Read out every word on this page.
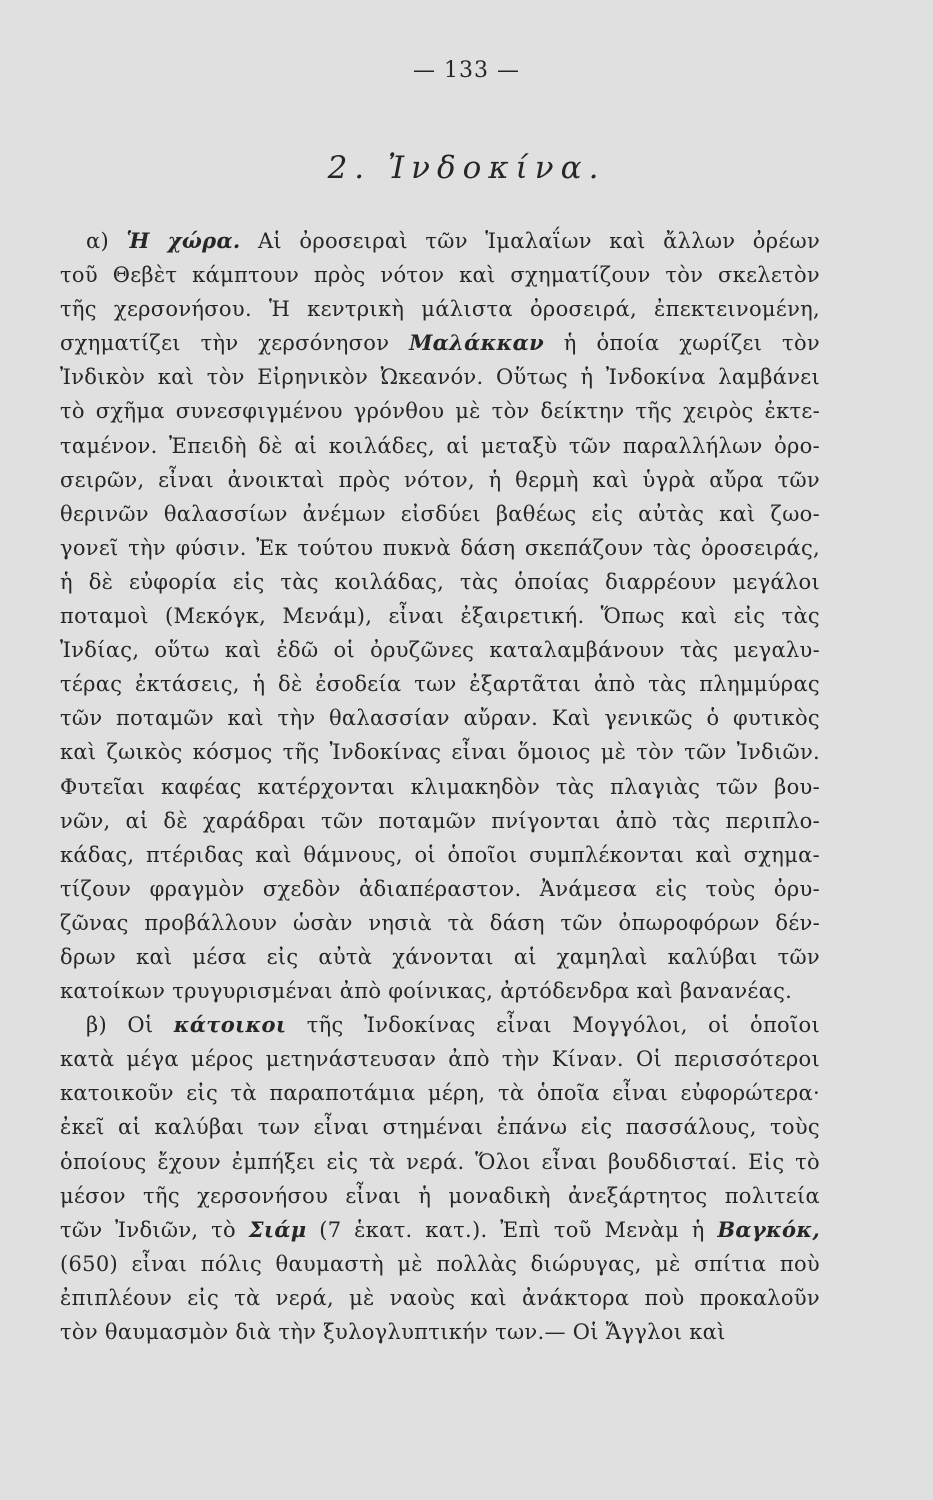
— 133 —
2. Ἰνδοκίνα.
α) Ἡ χώρα. Αἱ ὀροσειραὶ τῶν Ἱμαλαΐων καὶ ἄλλων ὀρέων
τοῦ Θεβὲτ κάμπτουν πρὸς νότον καὶ σχηματίζουν τὸν σκελετὸν
τῆς χερσονήσου. Ἡ κεντρικὴ μάλιστα ὀροσειρά, ἐπεκτεινομένη,
σχηματίζει τὴν χερσόνησον Μαλάκκαν ἡ ὁποία χωρίζει τὸν
Ἰνδικὸν καὶ τὸν Εἰρηνικὸν Ὠκεανόν. Οὕτως ἡ Ἰνδοκίνα λαμβάνει
τὸ σχῆμα συνεσφιγμένου γρόνθου μὲ τὸν δείκτην τῆς χειρὸς ἐκτε-
ταμένον. Ἐπειδὴ δὲ αἱ κοιλάδες, αἱ μεταξὺ τῶν παραλλήλων ὀρο-
σειρῶν, εἶναι ἀνοικταὶ πρὸς νότον, ἡ θερμὴ καὶ ὑγρὰ αὔρα τῶν
θερινῶν θαλασσίων ἀνέμων εἰσδύει βαθέως εἰς αὐτὰς καὶ ζωο-
γονεῖ τὴν φύσιν. Ἐκ τούτου πυκνὰ δάση σκεπάζουν τὰς ὀροσειράς,
ἡ δὲ εὐφορία εἰς τὰς κοιλάδας, τὰς ὁποίας διαρρέουν μεγάλοι
ποταμοὶ (Μεκόγκ, Μενάμ), εἶναι ἐξαιρετική. Ὅπως καὶ εἰς τὰς
Ἰνδίας, οὕτω καὶ ἐδῶ οἱ ὀρυζῶνες καταλαμβάνουν τὰς μεγαλυ-
τέρας ἐκτάσεις, ἡ δὲ ἐσοδεία των ἐξαρτᾶται ἀπὸ τὰς πλημμύρας
τῶν ποταμῶν καὶ τὴν θαλασσίαν αὔραν. Καὶ γενικῶς ὁ φυτικὸς
καὶ ζωικὸς κόσμος τῆς Ἰνδοκίνας εἶναι ὅμοιος μὲ τὸν τῶν Ἰνδιῶν.
Φυτεῖαι καφέας κατέρχονται κλιμακηδὸν τὰς πλαγιὰς τῶν βου-
νῶν, αἱ δὲ χαράδραι τῶν ποταμῶν πνίγονται ἀπὸ τὰς περιπλο-
κάδας, πτέριδας καὶ θάμνους, οἱ ὁποῖοι συμπλέκονται καὶ σχημα-
τίζουν φραγμὸν σχεδὸν ἀδιαπέραστον. Ἀνάμεσα εἰς τοὺς ὀρυ-
ζῶνας προβάλλουν ὡσὰν νησιὰ τὰ δάση τῶν ὀπωροφόρων δέν-
δρων καὶ μέσα εἰς αὐτὰ χάνονται αἱ χαμηλαὶ καλύβαι τῶν
κατοίκων τρυγυρισμέναι ἀπὸ φοίνικας, ἀρτόδενδρα καὶ βανανέας.
β) Οἱ κάτοικοι τῆς Ἰνδοκίνας εἶναι Μογγόλοι, οἱ ὁποῖοι
κατὰ μέγα μέρος μετηνάστευσαν ἀπὸ τὴν Κίναν. Οἱ περισσότεροι
κατοικοῦν εἰς τὰ παραποτάμια μέρη, τὰ ὁποῖα εἶναι εὐφορώτερα·
ἐκεῖ αἱ καλύβαι των εἶναι στημέναι ἐπάνω εἰς πασσάλους, τοὺς
ὁποίους ἔχουν ἐμπήξει εἰς τὰ νερά. Ὅλοι εἶναι βουδδισταί. Εἰς τὸ
μέσον τῆς χερσονήσου εἶναι ἡ μοναδικὴ ἀνεξάρτητος πολιτεία
τῶν Ἰνδιῶν, τὸ Σιάμ (7 ἑκατ. κατ.). Ἐπὶ τοῦ Μενὰμ ἡ Βαγκόκ,
(650) εἶναι πόλις θαυμαστὴ μὲ πολλὰς διώρυγας, μὲ σπίτια ποὺ
ἐπιπλέουν εἰς τὰ νερά, μὲ ναοὺς καὶ ἀνάκτορα ποὺ προκαλοῦν
τὸν θαυμασμὸν διὰ τὴν ξυλογλυπτικήν των.— Οἱ Ἄγγλοι καὶ
